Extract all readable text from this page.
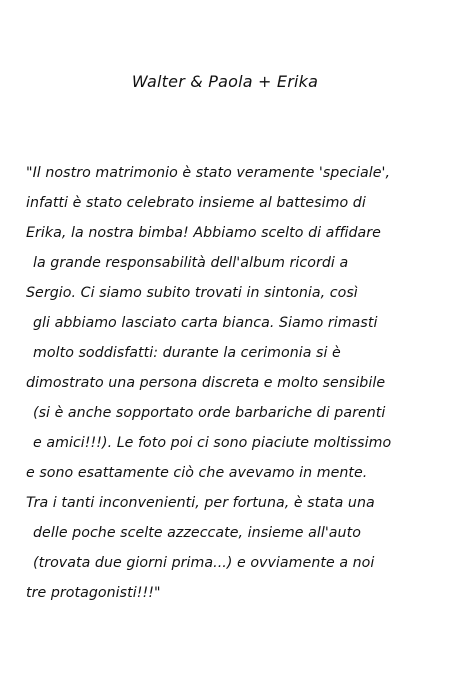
Walter & Paola + Erika
"Il nostro matrimonio è stato veramente 'speciale',
infatti è stato celebrato insieme al battesimo di
Erika, la nostra bimba! Abbiamo scelto di affidare
la grande responsabilità dell'album ricordi a
Sergio. Ci siamo subito trovati in sintonia, così
gli abbiamo lasciato carta bianca. Siamo rimasti
molto soddisfatti: durante la cerimonia si è
dimostrato una persona discreta e molto sensibile
(si è anche sopportato orde barbariche di parenti
e amici!!!). Le foto poi ci sono piaciute moltissimo
e sono esattamente ciò che avevamo in mente.
Tra i tanti inconvenienti, per fortuna, è stata una
delle poche scelte azzeccate, insieme all'auto
(trovata due giorni prima...) e ovviamente a noi
tre protagonisti!!!"
